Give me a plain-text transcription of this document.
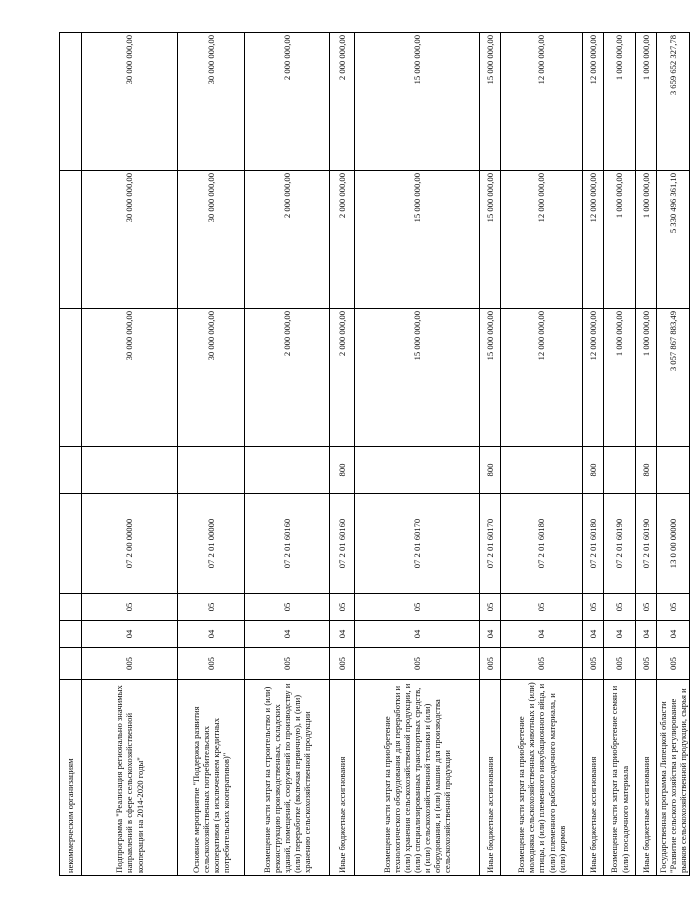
некоммерческим организациям								
Подпрограмма "Реализация регионально значимых направлений в сфере сельскохозяйственной кооперации на 2014-2020 годы"	005	04	05	07 2 00 00000		30 000 000,00	30 000 000,00	30 000 000,00
Основное мероприятие "Поддержка развития сельскохозяйственных потребительских кооперативов (за исключением кредитных потребительских кооперативов)"	005	04	05	07 2 01 00000		30 000 000,00	30 000 000,00	30 000 000,00
Возмещение части затрат на строительство и (или) реконструкцию производственных, складских зданий, помещений, сооружений по производству и (или) переработке (включая первичную), и (или) хранению сельскохозяйственной продукции	005	04	05	07 2 01 60160		2 000 000,00	2 000 000,00	2 000 000,00
Иные бюджетные ассигнования	005	04	05	07 2 01 60160	800	2 000 000,00	2 000 000,00	2 000 000,00
Возмещение части затрат на приобретение технологического оборудования для переработки и (или) хранения сельскохозяйственной продукции, и (или) специализированных транспортных средств, и (или) сельскохозяйственной техники и (или) оборудования, и (или) машин для производства сельскохозяйственной продукции	005	04	05	07 2 01 60170		15 000 000,00	15 000 000,00	15 000 000,00
Иные бюджетные ассигнования	005	04	05	07 2 01 60170	800	15 000 000,00	15 000 000,00	15 000 000,00
Возмещение части затрат на приобретение молодняка сельскохозяйственных животных и (или) птицы, и (или) племенного инкубационного яйца, и (или) племенного рыбопосадочного материала, и (или) кормов	005	04	05	07 2 01 60180		12 000 000,00	12 000 000,00	12 000 000,00
Иные бюджетные ассигнования	005	04	05	07 2 01 60180	800	12 000 000,00	12 000 000,00	12 000 000,00
Возмещение части затрат на приобретение семян и (или) посадочного материала	005	04	05	07 2 01 60190		1 000 000,00	1 000 000,00	1 000 000,00
Иные бюджетные ассигнования	005	04	05	07 2 01 60190	800	1 000 000,00	1 000 000,00	1 000 000,00
Государственная программа Липецкой области "Развитие сельского хозяйства и регулирование рынков сельскохозяйственной продукции, сырья и	005	04	05	13 0 00 00000		3 057 867 883,49	5 330 496 361,10	3 659 652 327,78
